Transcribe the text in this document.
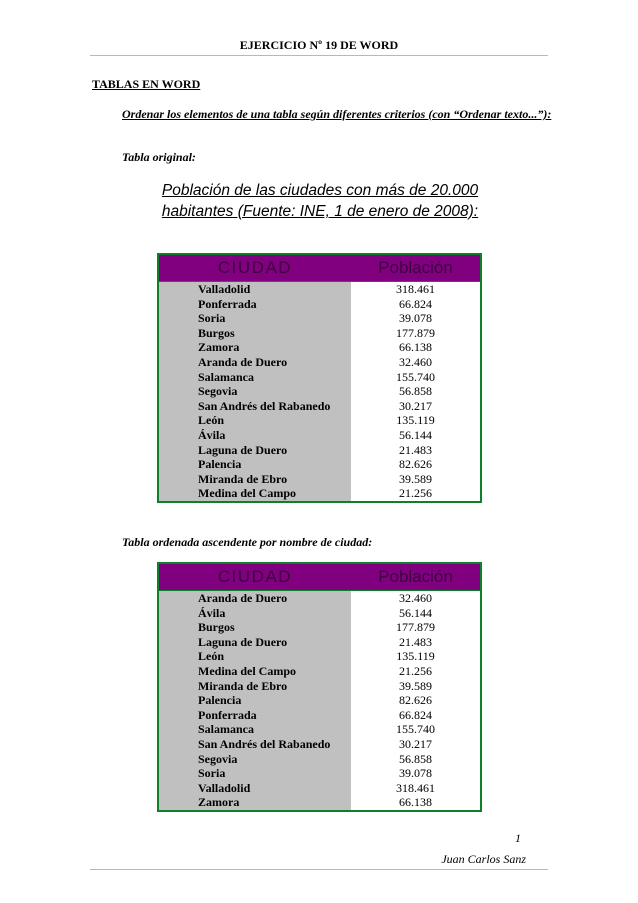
EJERCICIO Nº 19 DE WORD
TABLAS EN WORD
Ordenar los elementos de una tabla según diferentes criterios (con “Ordenar texto...”):
Tabla original:
Población de las ciudades con más de 20.000 habitantes (Fuente: INE, 1 de enero de 2008):
CIUDAD	Población
Valladolid
Ponferrada
Soria
Burgos
Zamora
Aranda de Duero
Salamanca
Segovia
San Andrés del Rabanedo
León
Ávila
Laguna de Duero
Palencia
Miranda de Ebro
Medina del Campo
318.461
66.824
39.078
177.879
66.138
32.460
155.740
56.858
30.217
135.119
56.144
21.483
82.626
39.589
21.256
Tabla ordenada ascendente por nombre de ciudad:
CIUDAD	Población
Aranda de Duero
Ávila
Burgos
Laguna de Duero
León
Medina del Campo
Miranda de Ebro
Palencia
Ponferrada
Salamanca
San Andrés del Rabanedo
Segovia
Soria
Valladolid
Zamora
32.460
56.144
177.879
21.483
135.119
21.256
39.589
82.626
66.824
155.740
30.217
56.858
39.078
318.461
66.138
1
Juan Carlos Sanz
